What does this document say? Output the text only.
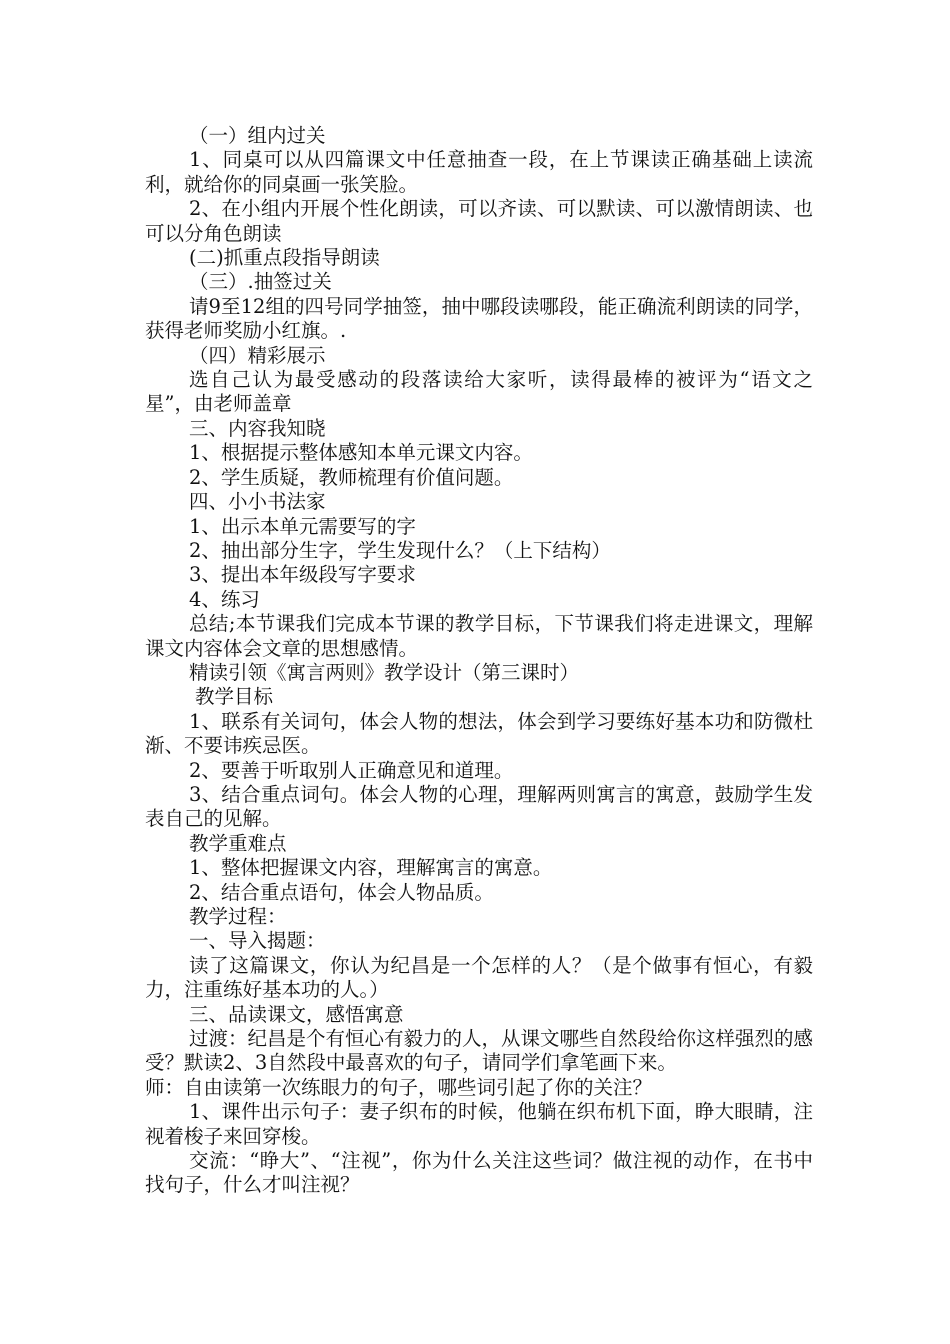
（一）组内过关

1、同桌可以从四篇课文中任意抽查一段，在上节课读正确基础上读流利，就给你的同桌画一张笑脸。

2、在小组内开展个性化朗读，可以齐读、可以默读、可以激情朗读、也可以分角色朗读

(二)抓重点段指导朗读

（三）.抽签过关

请9至12组的四号同学抽签，抽中哪段读哪段，能正确流利朗读的同学，获得老师奖励小红旗。.

（四）精彩展示

选自己认为最受感动的段落读给大家听，读得最棒的被评为“语文之星”，由老师盖章

三、内容我知晓

1、根据提示整体感知本单元课文内容。

2、学生质疑，教师梳理有价值问题。

四、小小书法家

1、出示本单元需要写的字

2、抽出部分生字，学生发现什么？（上下结构）

3、提出本年级段写字要求

4、练习

总结;本节课我们完成本节课的教学目标，下节课我们将走进课文，理解课文内容体会文章的思想感情。

精读引领《寓言两则》教学设计（第三课时）

教学目标

1、联系有关词句，体会人物的想法，体会到学习要练好基本功和防微杜渐、不要讳疾忌医。

2、要善于听取别人正确意见和道理。

3、结合重点词句。体会人物的心理，理解两则寓言的寓意，鼓励学生发表自己的见解。

教学重难点

1、整体把握课文内容，理解寓言的寓意。

2、结合重点语句，体会人物品质。

教学过程：

一、导入揭题：

读了这篇课文，你认为纪昌是一个怎样的人？（是个做事有恒心，有毅力，注重练好基本功的人。）

三、品读课文，感悟寓意

过渡：纪昌是个有恒心有毅力的人，从课文哪些自然段给你这样强烈的感受？默读2、3自然段中最喜欢的句子，请同学们拿笔画下来。

师：自由读第一次练眼力的句子，哪些词引起了你的关注？

1、课件出示句子：妻子织布的时候，他躺在织布机下面，睁大眼睛，注视着梭子来回穿梭。

交流：“睁大”、“注视”，你为什么关注这些词？做注视的动作，在书中找句子，什么才叫注视？
